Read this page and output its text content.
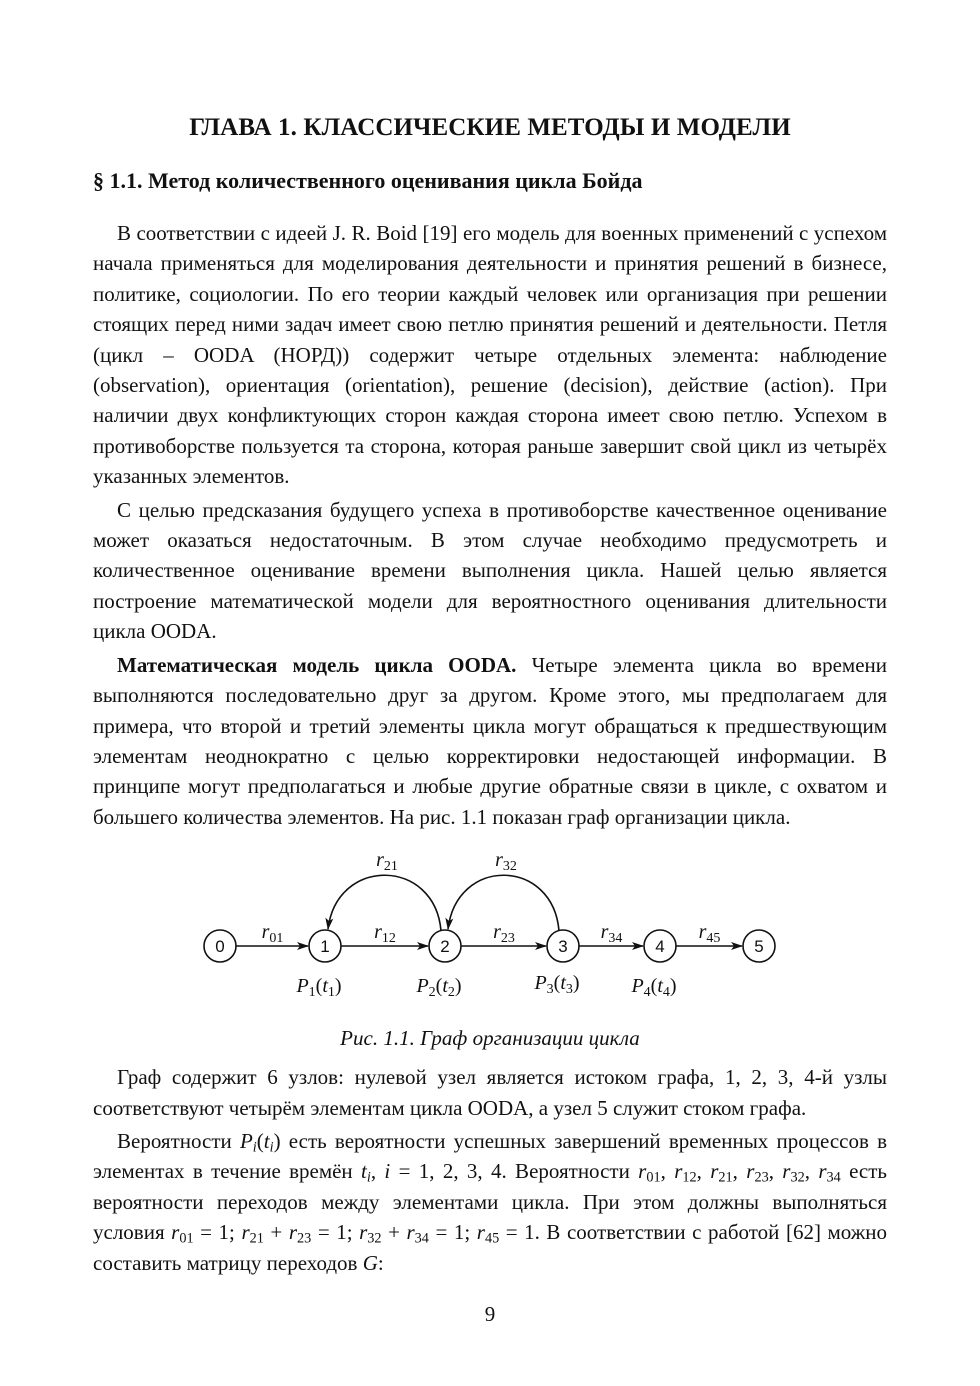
ГЛАВА 1. КЛАССИЧЕСКИЕ МЕТОДЫ И МОДЕЛИ
§ 1.1. Метод количественного оценивания цикла Бойда

В соответствии с идеей J. R. Boid [19] его модель для военных применений с успехом начала применяться для моделирования деятельности и принятия решений в бизнесе, политике, социологии. По его теории каждый человек или организация при решении стоящих перед ними задач имеет свою петлю принятия решений и деятельности. Петля (цикл – OODA (НОРД)) содержит четыре отдельных элемента: наблюдение (observation), ориентация (orientation), решение (decision), действие (action). При наличии двух конфликтующих сторон каждая сторона имеет свою петлю. Успехом в противоборстве пользуется та сторона, которая раньше завершит свой цикл из четырёх указанных элементов.

С целью предсказания будущего успеха в противоборстве качественное оценивание может оказаться недостаточным. В этом случае необходимо предусмотреть и количественное оценивание времени выполнения цикла. Нашей целью является построение математической модели для вероятностного оценивания длительности цикла OODA.

Математическая модель цикла OODA. Четыре элемента цикла во времени выполняются последовательно друг за другом. Кроме этого, мы предполагаем для примера, что второй и третий элементы цикла могут обращаться к предшествующим элементам неоднократно с целью корректировки недостающей информации. В принципе могут предполагаться и любые другие обратные связи в цикле, с охватом и большего количества элементов. На рис. 1.1 показан граф организации цикла.

0	1	2	3	4	5
$r_{01}$	$r_{12}$	$r_{23}$	$r_{34}$	$r_{45}$
$r_{21}$	$r_{32}$
$P_1(t_1)$	$P_2(t_2)$	$P_3(t_3)$	$P_4(t_4)$
Рис. 1.1. Граф организации цикла

Граф содержит 6 узлов: нулевой узел является истоком графа, 1, 2, 3, 4-й узлы соответствуют четырём элементам цикла OODA, а узел 5 служит стоком графа.

Вероятности $P_i(t_i)$ есть вероятности успешных завершений временных процессов в элементах в течение времён $t_i$, i = 1, 2, 3, 4. Вероятности $r_{01}$, $r_{12}$, $r_{21}$, $r_{23}$, $r_{32}$, $r_{34}$ есть вероятности переходов между элементами цикла. При этом должны выполняться условия $r_{01} = 1$; $r_{21} + r_{23} = 1$; $r_{32} + r_{34} = 1$; $r_{45} = 1$. В соответствии с работой [62] можно составить матрицу переходов G:

9
